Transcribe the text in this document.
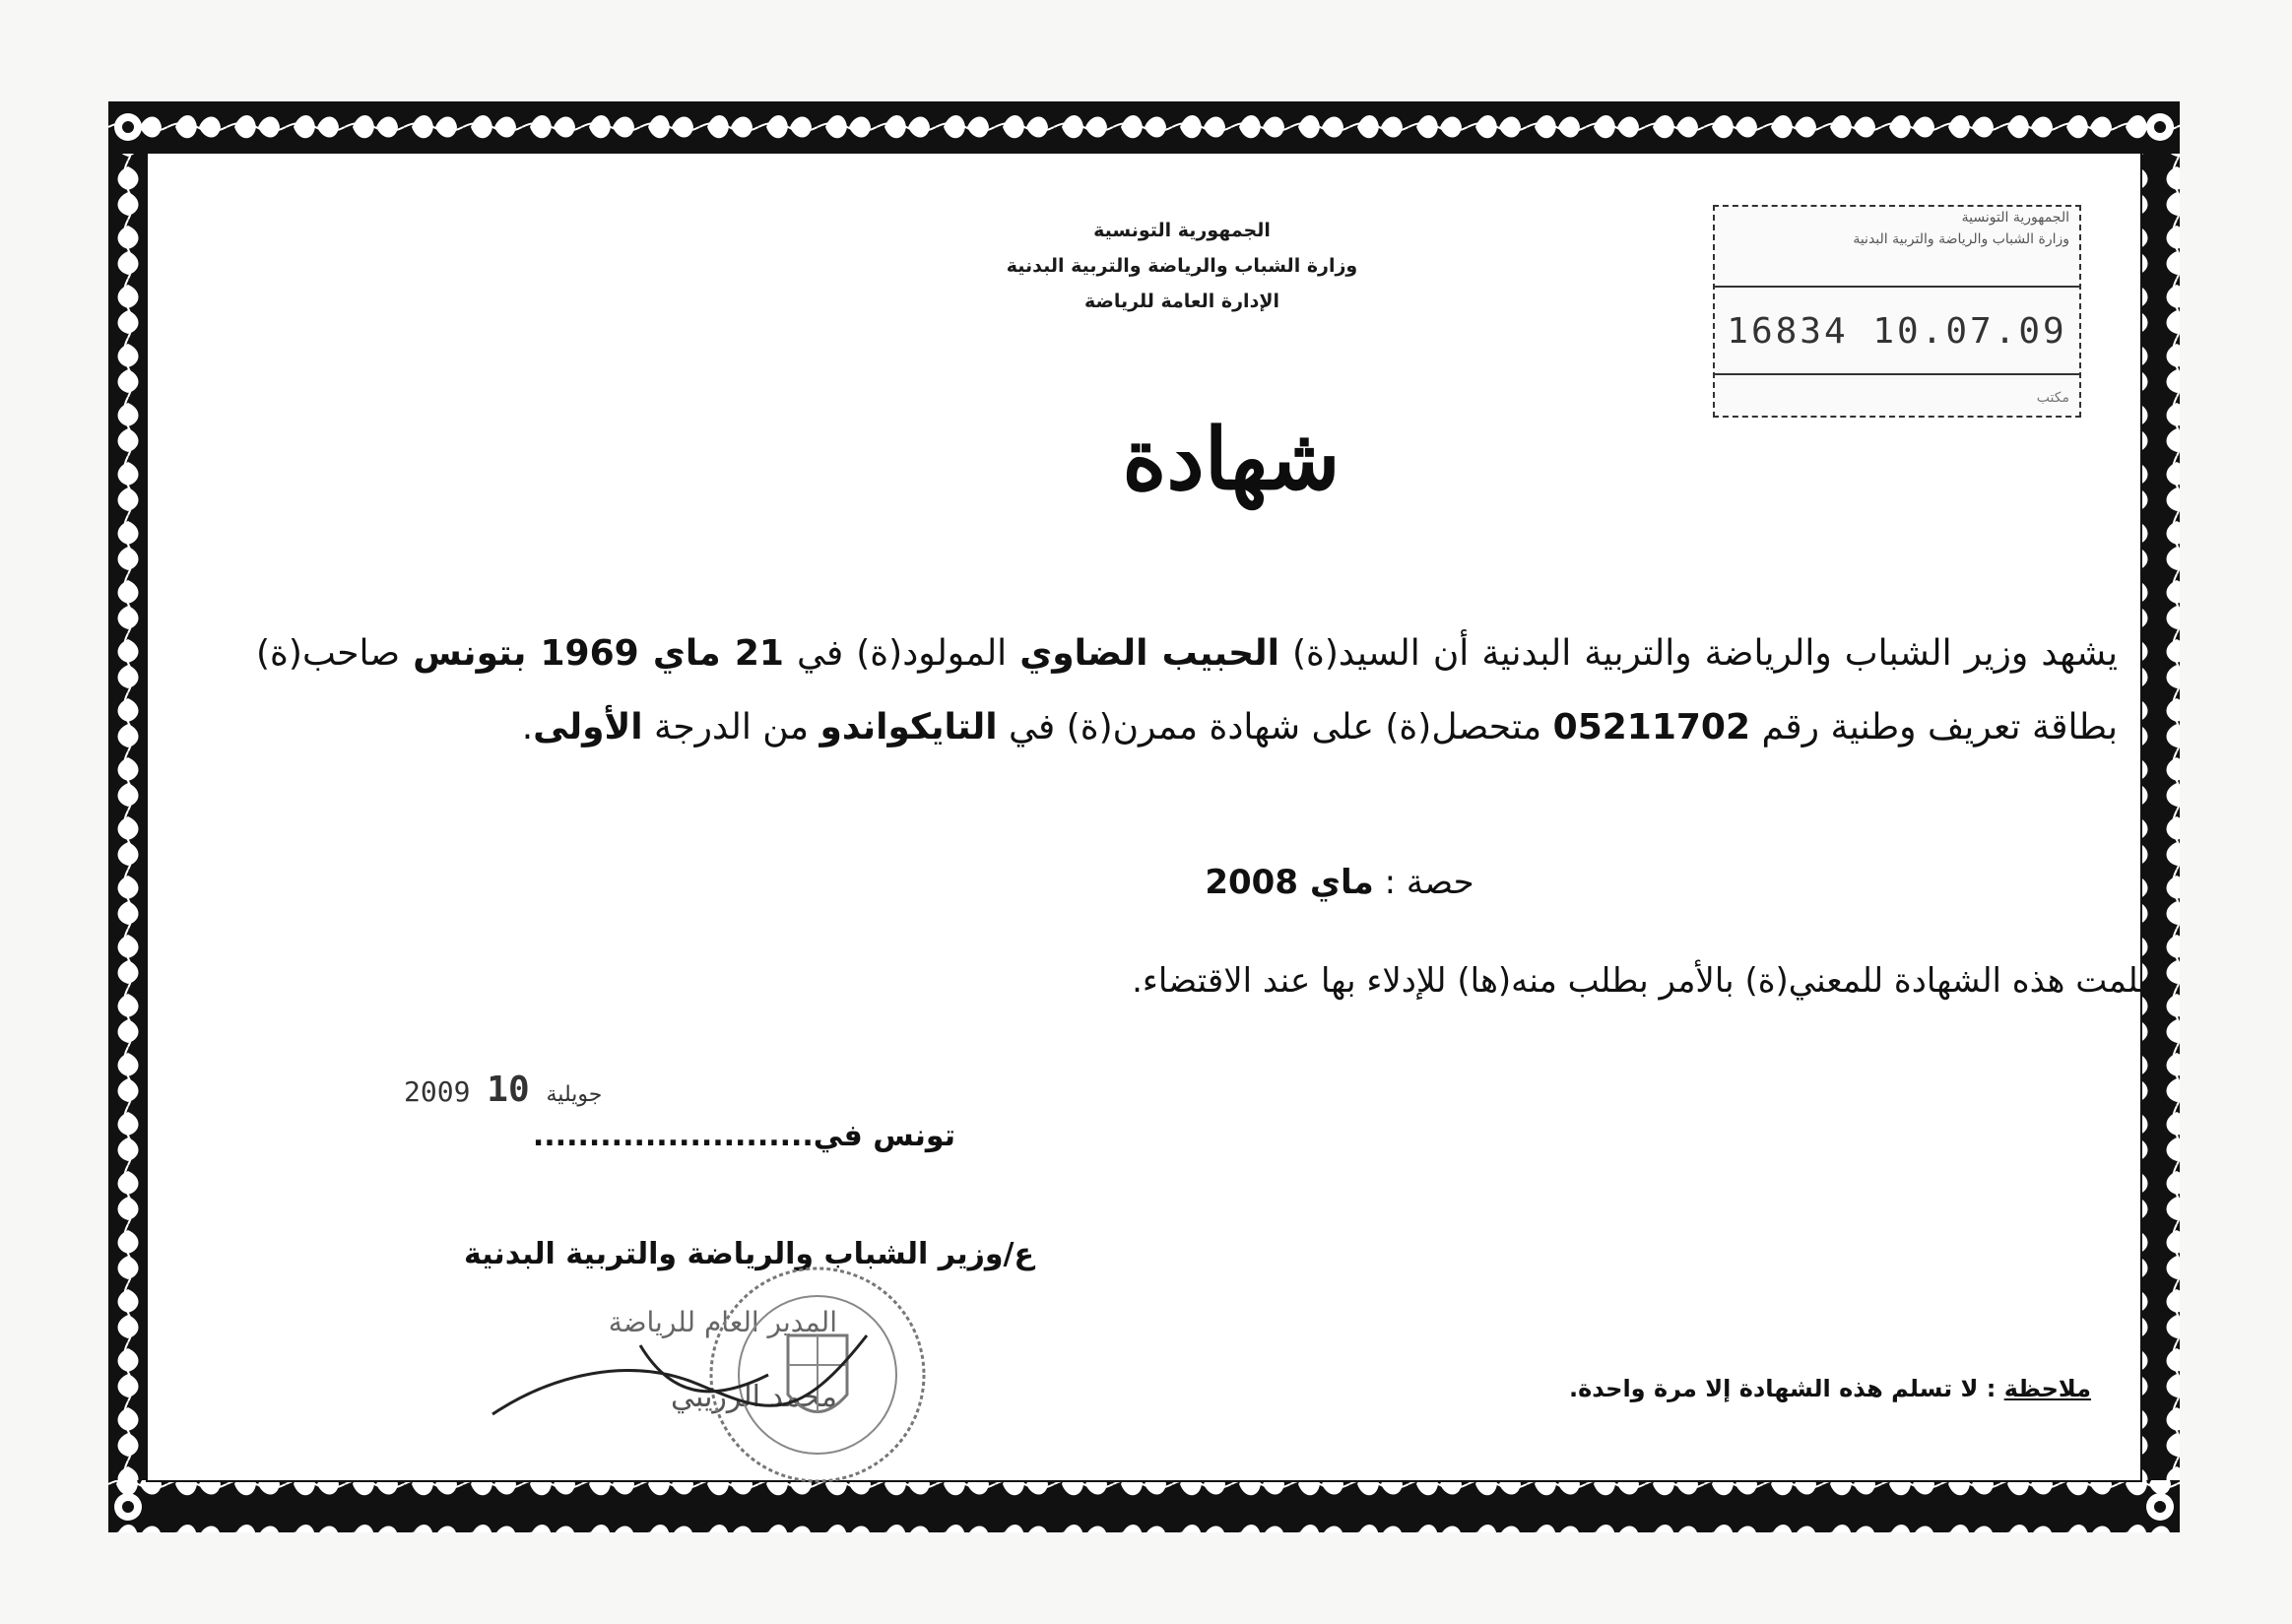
الجمهورية التونسية
وزارة الشباب والرياضة والتربية البدنية
الإدارة العامة للرياضة
الجمهورية التونسية
وزارة الشباب والرياضة والتربية البدنية
16834 10.07.09
مكتب
شهادة
يشهد وزير الشباب والرياضة والتربية البدنية أن السيد(ة) الحبيب الضاوي المولود(ة) في 21 ماي 1969 بتونس صاحب(ة) بطاقة تعريف وطنية رقم 05211702 متحصل(ة) على شهادة ممرن(ة) في التايكواندو من الدرجة الأولى.
حصة : ماي 2008
سلمت هذه الشهادة للمعني(ة) بالأمر بطلب منه(ها) للإدلاء بها عند الاقتضاء.
2009	جويلية 10
تونس في.........................
ع/وزير الشباب والرياضة والتربية البدنية
المدير العام للرياضة
محمد الرزيبي	ملاحظة : لا تسلم هذه الشهادة إلا مرة واحدة.
